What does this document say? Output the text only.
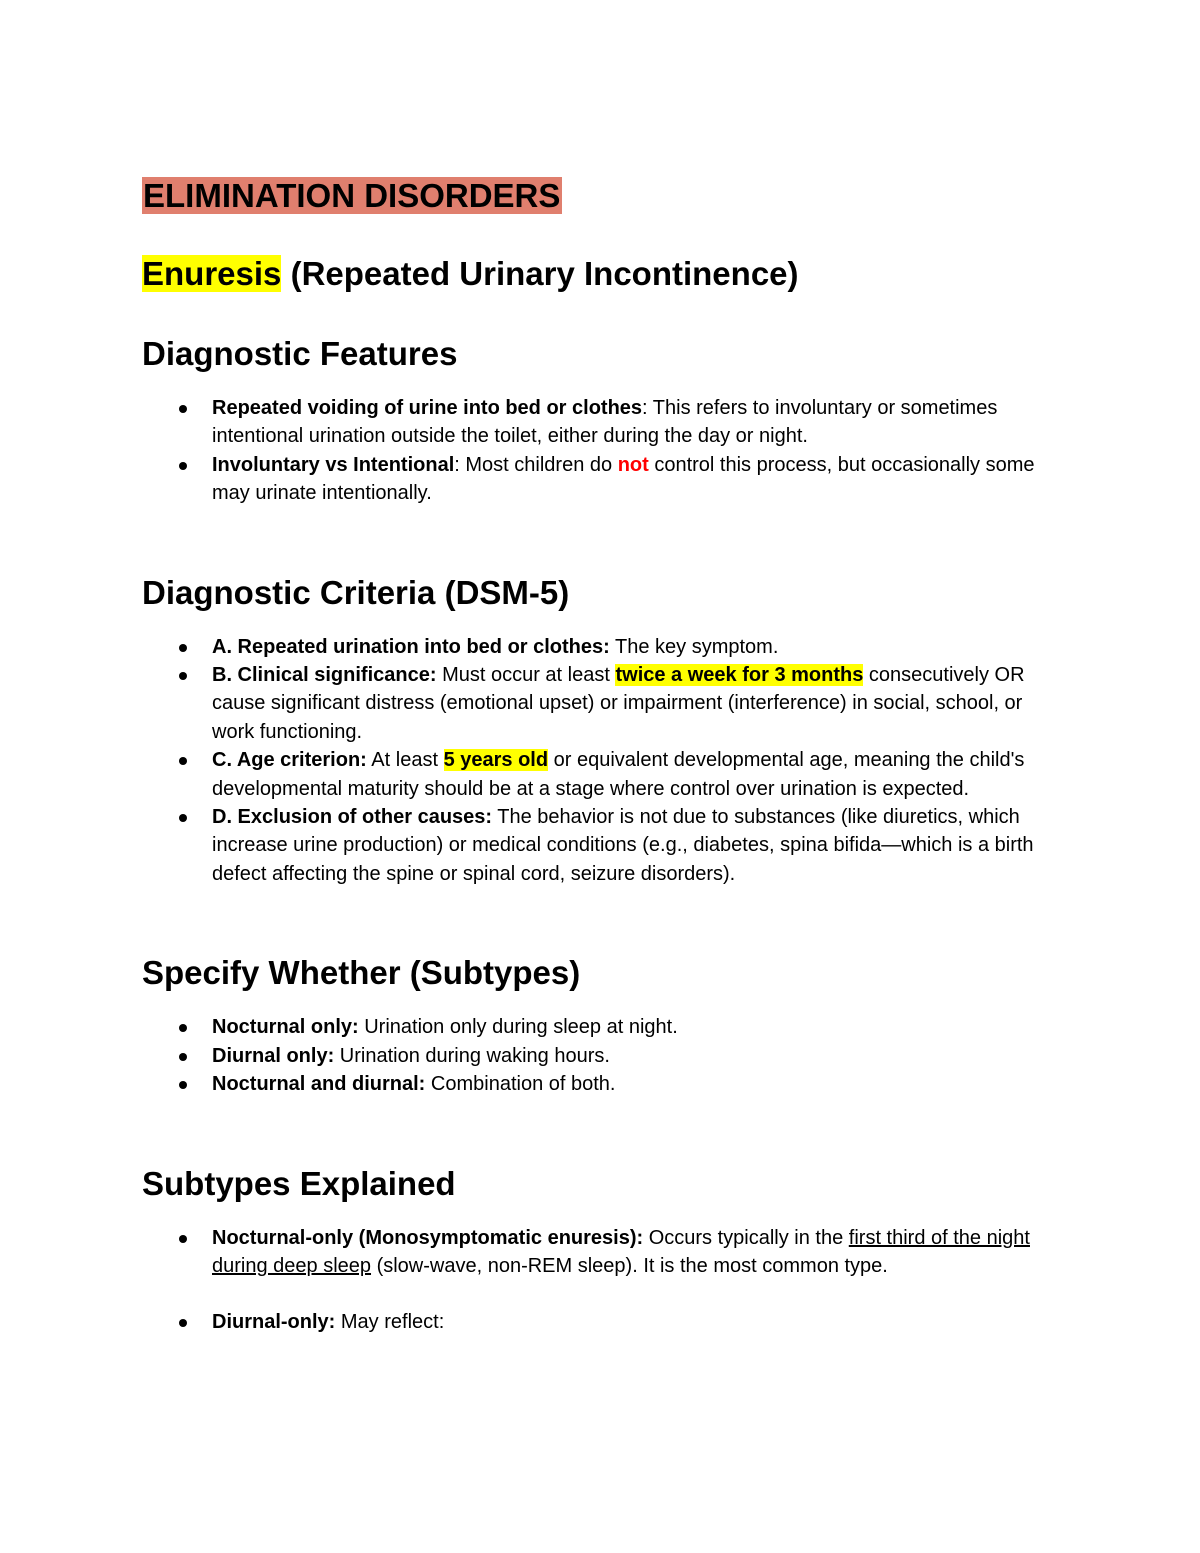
ELIMINATION DISORDERS
Enuresis (Repeated Urinary Incontinence)
Diagnostic Features
Repeated voiding of urine into bed or clothes: This refers to involuntary or sometimes intentional urination outside the toilet, either during the day or night.
Involuntary vs Intentional: Most children do not control this process, but occasionally some may urinate intentionally.
Diagnostic Criteria (DSM-5)
A. Repeated urination into bed or clothes: The key symptom.
B. Clinical significance: Must occur at least twice a week for 3 months consecutively OR cause significant distress (emotional upset) or impairment (interference) in social, school, or work functioning.
C. Age criterion: At least 5 years old or equivalent developmental age, meaning the child's developmental maturity should be at a stage where control over urination is expected.
D. Exclusion of other causes: The behavior is not due to substances (like diuretics, which increase urine production) or medical conditions (e.g., diabetes, spina bifida—which is a birth defect affecting the spine or spinal cord, seizure disorders).
Specify Whether (Subtypes)
Nocturnal only: Urination only during sleep at night.
Diurnal only: Urination during waking hours.
Nocturnal and diurnal: Combination of both.
Subtypes Explained
Nocturnal-only (Monosymptomatic enuresis): Occurs typically in the first third of the night during deep sleep (slow-wave, non-REM sleep). It is the most common type.
Diurnal-only: May reflect:
